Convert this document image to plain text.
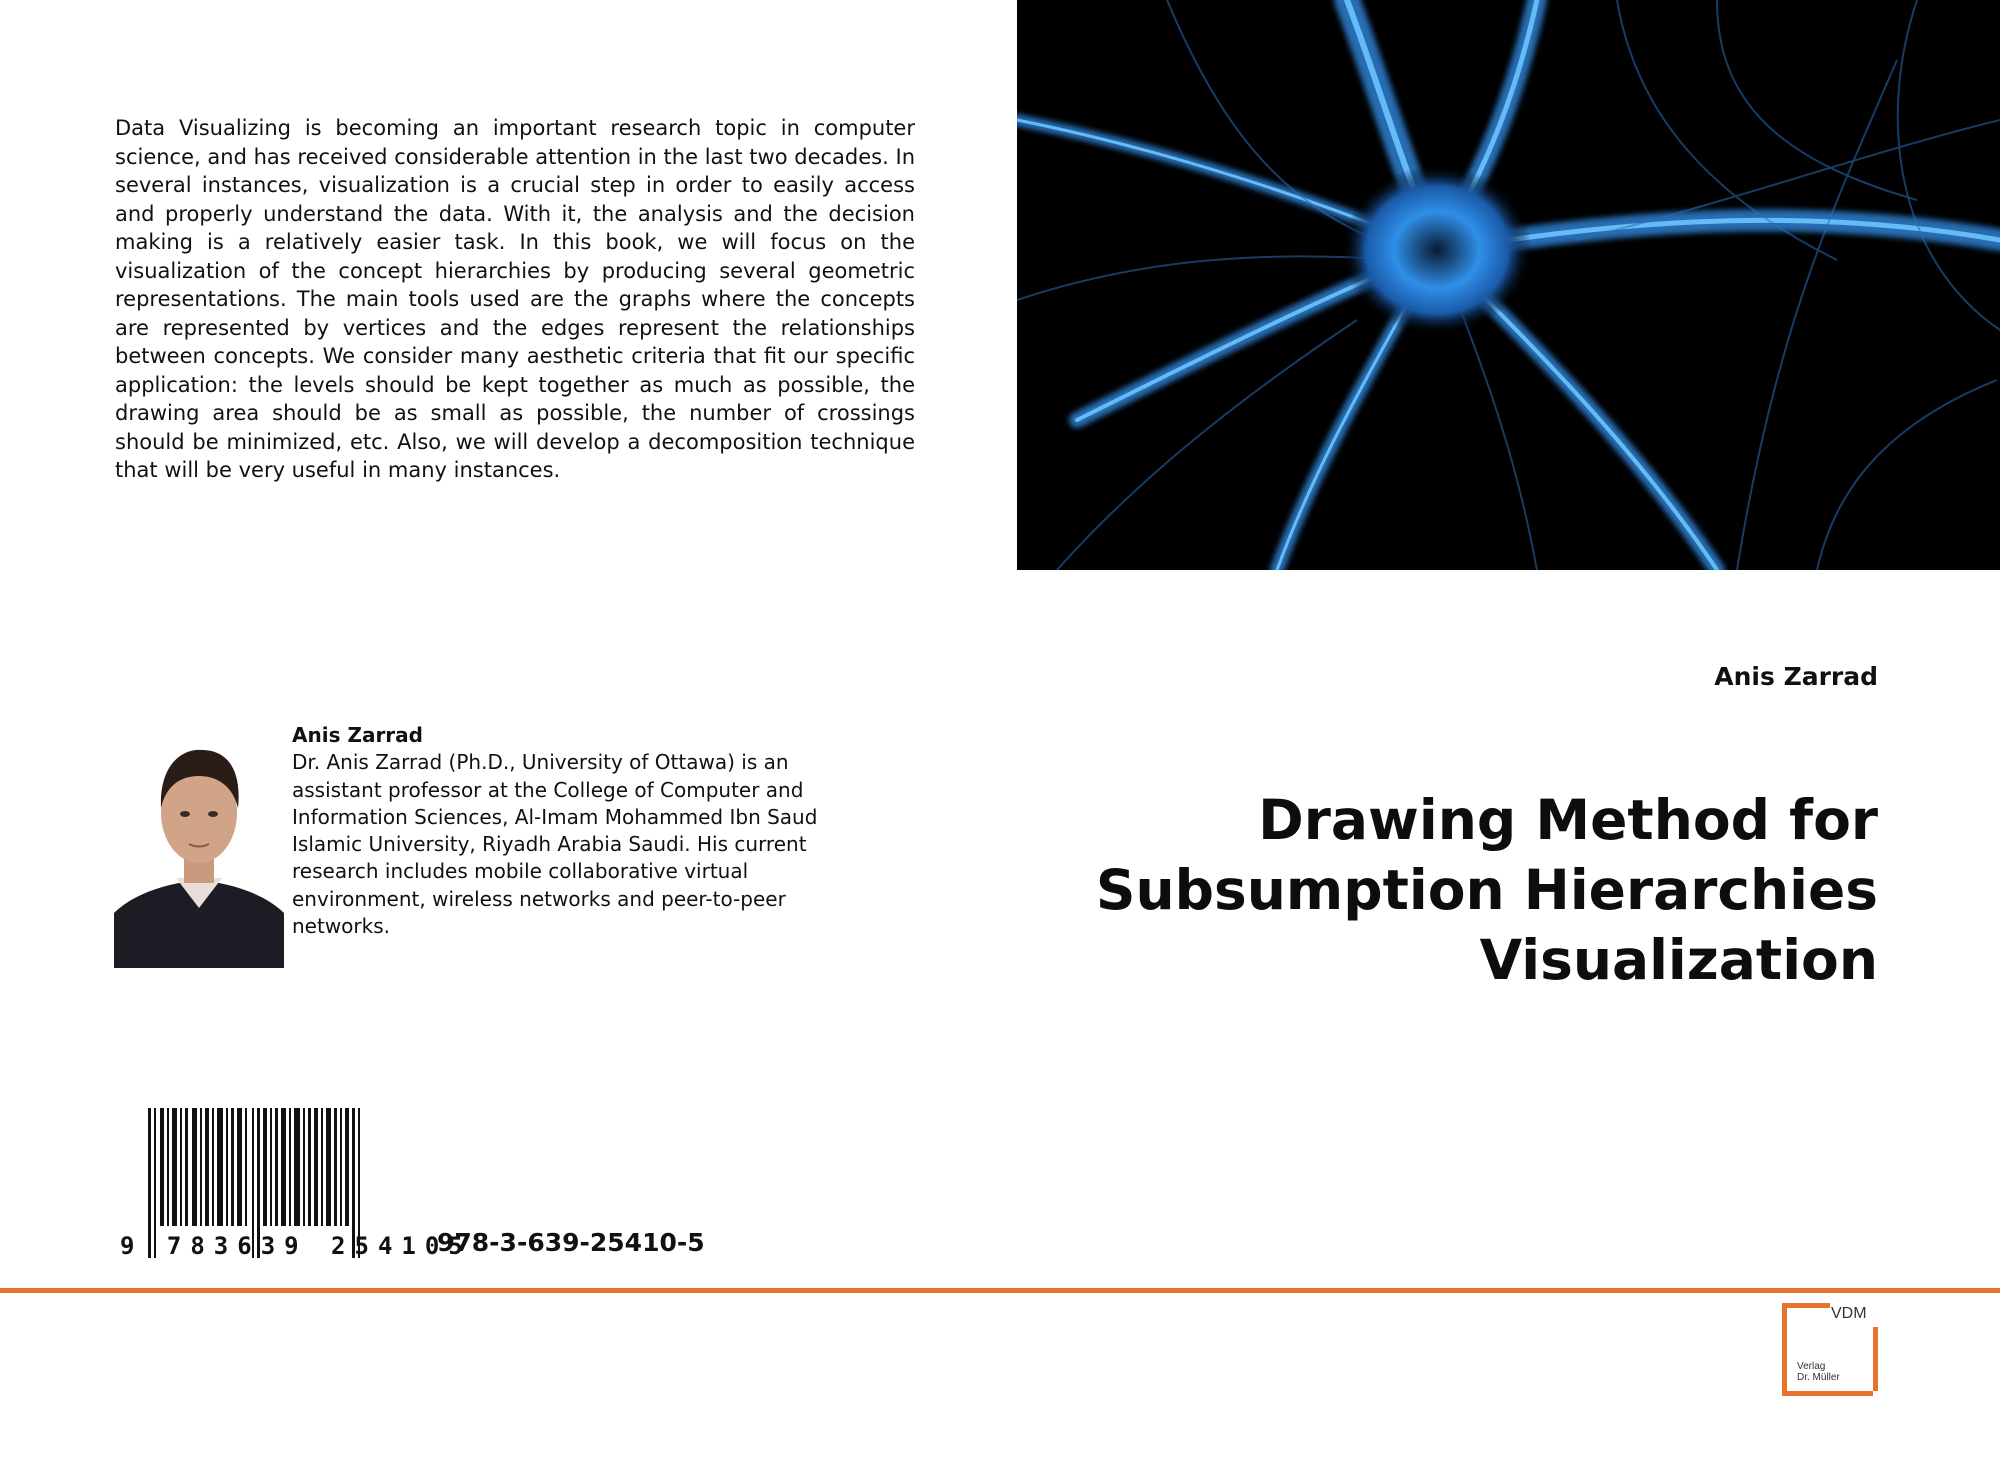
Data Visualizing is becoming an important research topic in computer science, and has received considerable attention in the last two decades. In several instances, visualization is a crucial step in order to easily access and properly understand the data. With it, the analysis and the decision making is a relatively easier task. In this book, we will focus on the visualization of the concept hierarchies by producing several geometric representations. The main tools used are the graphs where the concepts are represented by vertices and the edges represent the relationships between concepts. We consider many aesthetic criteria that fit our specific application: the levels should be kept together as much as possible, the drawing area should be as small as possible, the number of crossings should be minimized, etc. Also, we will develop a decomposition technique that will be very useful in many instances.
Anis Zarrad
Drawing Method for Subsumption Hierarchies Visualization
Anis Zarrad
Dr. Anis Zarrad (Ph.D., University of Ottawa) is an assistant professor at the College of Computer and Information Sciences, Al-Imam Mohammed Ibn Saud Islamic University, Riyadh Arabia Saudi. His current research includes mobile collaborative virtual environment, wireless networks and peer-to-peer networks.
9 783639 254105
978-3-639-25410-5
VDM
Verlag
Dr. Müller
